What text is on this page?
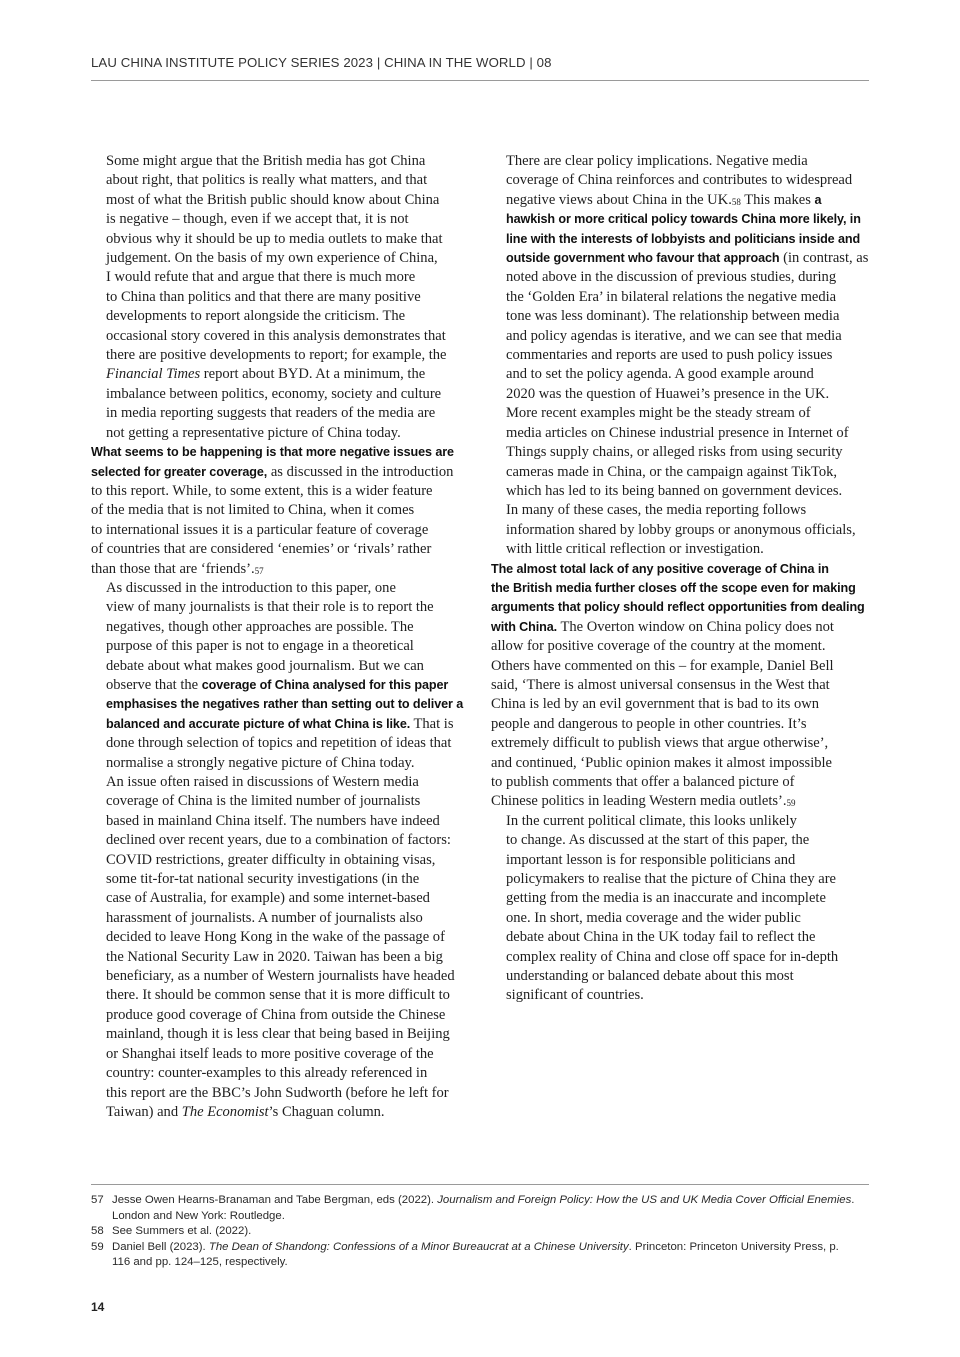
LAU CHINA INSTITUTE POLICY SERIES 2023 | CHINA IN THE WORLD | 08

Some might argue that the British media has got China
about right, that politics is really what matters, and that
most of what the British public should know about China
is negative – though, even if we accept that, it is not
obvious why it should be up to media outlets to make that
judgement. On the basis of my own experience of China,
I would refute that and argue that there is much more
to China than politics and that there are many positive
developments to report alongside the criticism. The
occasional story covered in this analysis demonstrates that
there are positive developments to report; for example, the
Financial Times report about BYD. At a minimum, the
imbalance between politics, economy, society and culture
in media reporting suggests that readers of the media are
not getting a representative picture of China today.

What seems to be happening is that more negative issues are
selected for greater coverage, as discussed in the introduction
to this report. While, to some extent, this is a wider feature
of the media that is not limited to China, when it comes
to international issues it is a particular feature of coverage
of countries that are considered ‘enemies’ or ‘rivals’ rather
than those that are ‘friends’.$^{57}$

As discussed in the introduction to this paper, one
view of many journalists is that their role is to report the
negatives, though other approaches are possible. The
purpose of this paper is not to engage in a theoretical
debate about what makes good journalism. But we can
observe that the coverage of China analysed for this paper
emphasises the negatives rather than setting out to deliver a
balanced and accurate picture of what China is like. That is
done through selection of topics and repetition of ideas that
normalise a strongly negative picture of China today.

An issue often raised in discussions of Western media
coverage of China is the limited number of journalists
based in mainland China itself. The numbers have indeed
declined over recent years, due to a combination of factors:
COVID restrictions, greater difficulty in obtaining visas,
some tit-for-tat national security investigations (in the
case of Australia, for example) and some internet-based
harassment of journalists. A number of journalists also
decided to leave Hong Kong in the wake of the passage of
the National Security Law in 2020. Taiwan has been a big
beneficiary, as a number of Western journalists have headed
there. It should be common sense that it is more difficult to
produce good coverage of China from outside the Chinese
mainland, though it is less clear that being based in Beijing
or Shanghai itself leads to more positive coverage of the
country: counter-examples to this already referenced in
this report are the BBC’s John Sudworth (before he left for
Taiwan) and The Economist’s Chaguan column.

There are clear policy implications. Negative media
coverage of China reinforces and contributes to widespread
negative views about China in the UK.$^{58}$ This makes a
hawkish or more critical policy towards China more likely, in
line with the interests of lobbyists and politicians inside and
outside government who favour that approach (in contrast, as
noted above in the discussion of previous studies, during
the ‘Golden Era’ in bilateral relations the negative media
tone was less dominant). The relationship between media
and policy agendas is iterative, and we can see that media
commentaries and reports are used to push policy issues
and to set the policy agenda. A good example around
2020 was the question of Huawei’s presence in the UK.
More recent examples might be the steady stream of
media articles on Chinese industrial presence in Internet of
Things supply chains, or alleged risks from using security
cameras made in China, or the campaign against TikTok,
which has led to its being banned on government devices.
In many of these cases, the media reporting follows
information shared by lobby groups or anonymous officials,
with little critical reflection or investigation.

The almost total lack of any positive coverage of China in
the British media further closes off the scope even for making
arguments that policy should reflect opportunities from dealing
with China. The Overton window on China policy does not
allow for positive coverage of the country at the moment.
Others have commented on this – for example, Daniel Bell
said, ‘There is almost universal consensus in the West that
China is led by an evil government that is bad to its own
people and dangerous to people in other countries. It’s
extremely difficult to publish views that argue otherwise’,
and continued, ‘Public opinion makes it almost impossible
to publish comments that offer a balanced picture of
Chinese politics in leading Western media outlets’.$^{59}$

In the current political climate, this looks unlikely
to change. As discussed at the start of this paper, the
important lesson is for responsible politicians and
policymakers to realise that the picture of China they are
getting from the media is an inaccurate and incomplete
one. In short, media coverage and the wider public
debate about China in the UK today fail to reflect the
complex reality of China and close off space for in-depth
understanding or balanced debate about this most
significant of countries.

57 Jesse Owen Hearns-Branaman and Tabe Bergman, eds (2022). Journalism and Foreign Policy: How the US and UK Media Cover Official Enemies.
London and New York: Routledge.
58 See Summers et al. (2022).
59 Daniel Bell (2023). The Dean of Shandong: Confessions of a Minor Bureaucrat at a Chinese University. Princeton: Princeton University Press, p.
116 and pp. 124–125, respectively.
14
